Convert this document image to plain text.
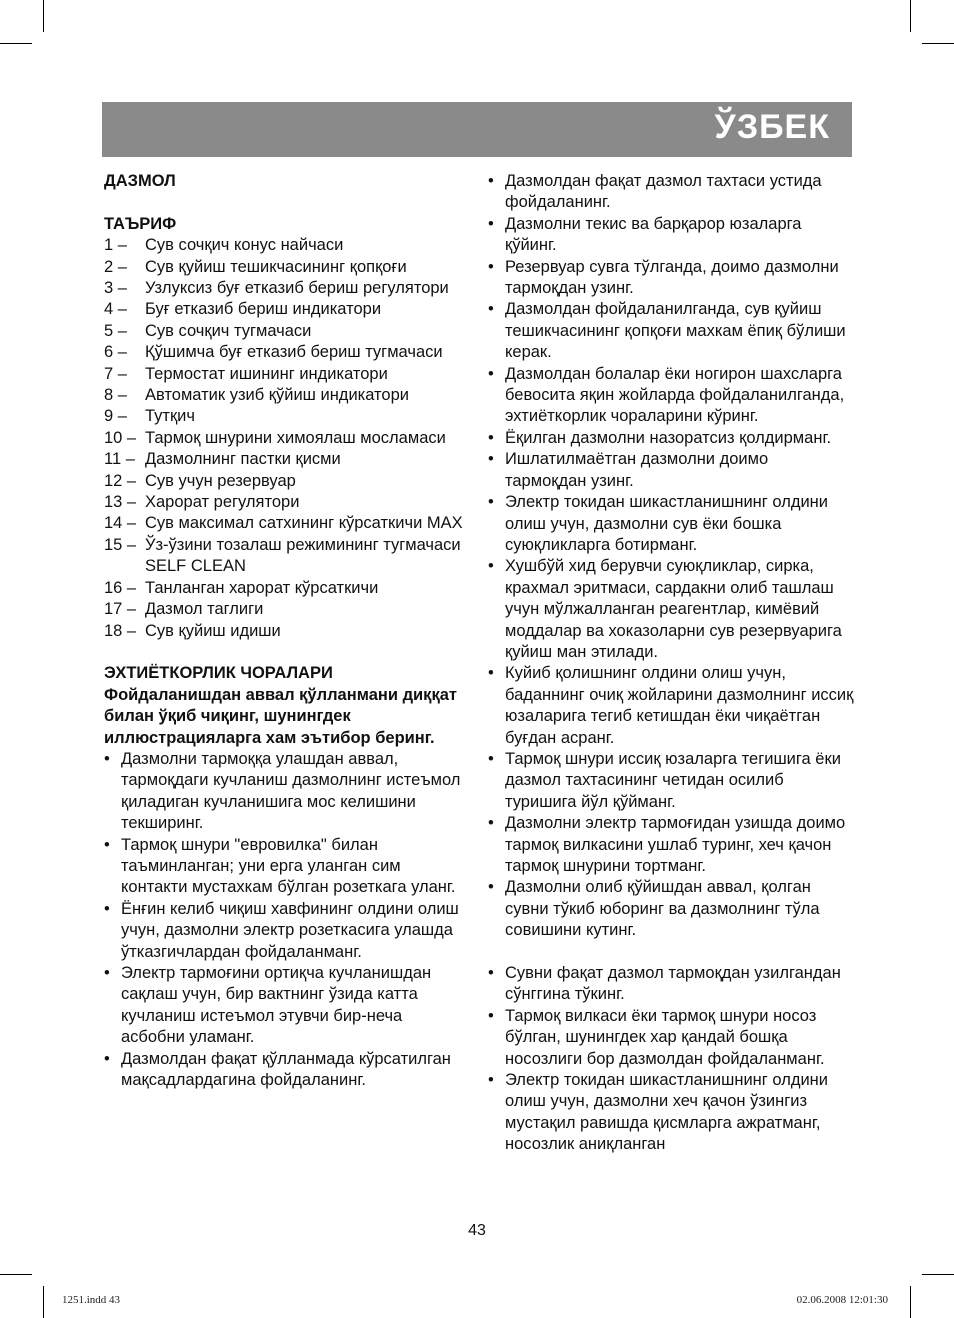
ЎЗБЕК
ДАЗМОЛ
ТАЪРИФ
1 –	Сув сочқич конус найчаси
2 –	Сув қуйиш тешикчасининг қопқоғи
3 –	Узлуксиз буғ етказиб бериш регулятори
4 –	Буғ етказиб бериш индикатори
5 –	Сув сочқич тугмачаси
6 –	Қўшимча буғ етказиб бериш тугмачаси
7 –	Термостат ишининг индикатори
8 –	Автоматик узиб қўйиш индикатори
9 –	Тутқич
10 – Тармоқ шнурини химоялаш мосламаси
11 – Дазмолнинг пастки қисми
12 – Сув учун резервуар
13 – Харорат регулятори
14 – Сув максимал сатхининг кўрсаткичи MAX
15 – Ўз-ўзини тозалаш режимининг тугмачаси SELF CLEAN
16 – Танланган харорат кўрсаткичи
17 – Дазмол таглиги
18 – Сув қуйиш идиши
ЭХТИЁТКОРЛИК ЧОРАЛАРИ
Фойдаланишдан аввал қўлланмани диққат билан ўқиб чиқинг, шунингдек иллюстрацияларга хам эътибор беринг.
• Дазмолни тармоққа улашдан аввал, тармоқдаги кучланиш дазмолнинг истеъмол қиладиган кучланишига мос келишини текширинг.
• Тармоқ шнури "евровилка" билан таъминланган; уни ерга уланган сим контакти мустахкам бўлган розеткага уланг.
• Ёнғин келиб чиқиш хавфининг олдини олиш учун, дазмолни электр розеткасига улашда ўтказгичлардан фойдаланманг.
• Электр тармоғини ортиқча кучланишдан сақлаш учун, бир вактнинг ўзида катта кучланиш истеъмол этувчи бир-неча асбобни уламанг.
• Дазмолдан фақат қўлланмада кўрсатилган мақсадлардагина фойдаланинг.
• Дазмолдан фақат дазмол тахтаси устида фойдаланинг.
• Дазмолни текис ва барқарор юзаларга қўйинг.
• Резервуар сувга тўлганда, доимо дазмолни тармоқдан узинг.
• Дазмолдан фойдаланилганда, сув қуйиш тешикчасининг қопқоғи махкам ёпиқ бўлиши керак.
• Дазмолдан болалар ёки ногирон шахсларга бевосита яқин жойларда фойдаланилганда, эхтиёткорлик чораларини кўринг.
• Ёқилган дазмолни назоратсиз қолдирманг.
• Ишлатилмаётган дазмолни доимо тармоқдан узинг.
• Электр токидан шикастланишнинг олдини олиш учун, дазмолни сув ёки бошка суюқликларга ботирманг.
• Хушбўй хид берувчи суюқликлар, сирка, крахмал эритмаси, сардакни олиб ташлаш учун мўлжалланган реагентлар, кимёвий моддалар ва хоказоларни сув резервуарига қуйиш ман этилади.
• Куйиб қолишнинг олдини олиш учун, баданнинг очиқ жойларини дазмолнинг иссиқ юзаларига тегиб кетишдан ёки чиқаётган буғдан асранг.
• Тармоқ шнури иссиқ юзаларга тегишига ёки дазмол тахтасининг четидан осилиб туришига йўл қўйманг.
• Дазмолни электр тармоғидан узишда доимо тармоқ вилкасини ушлаб туринг, хеч қачон тармоқ шнурини тортманг.
• Дазмолни олиб қўйишдан аввал, қолган сувни тўкиб юборинг ва дазмолнинг тўла совишини кутинг.
• Сувни фақат дазмол тармоқдан узилгандан сўнггина тўкинг.
• Тармоқ вилкаси ёки тармоқ шнури носоз бўлган, шунингдек хар қандай бошқа носозлиги бор дазмолдан фойдаланманг.
• Электр токидан шикастланишнинг олдини олиш учун, дазмолни хеч қачон ўзингиз мустақил равишда қисмларга ажратманг, носозлик аниқланган
43
1251.indd 43	02.06.2008 12:01:30
